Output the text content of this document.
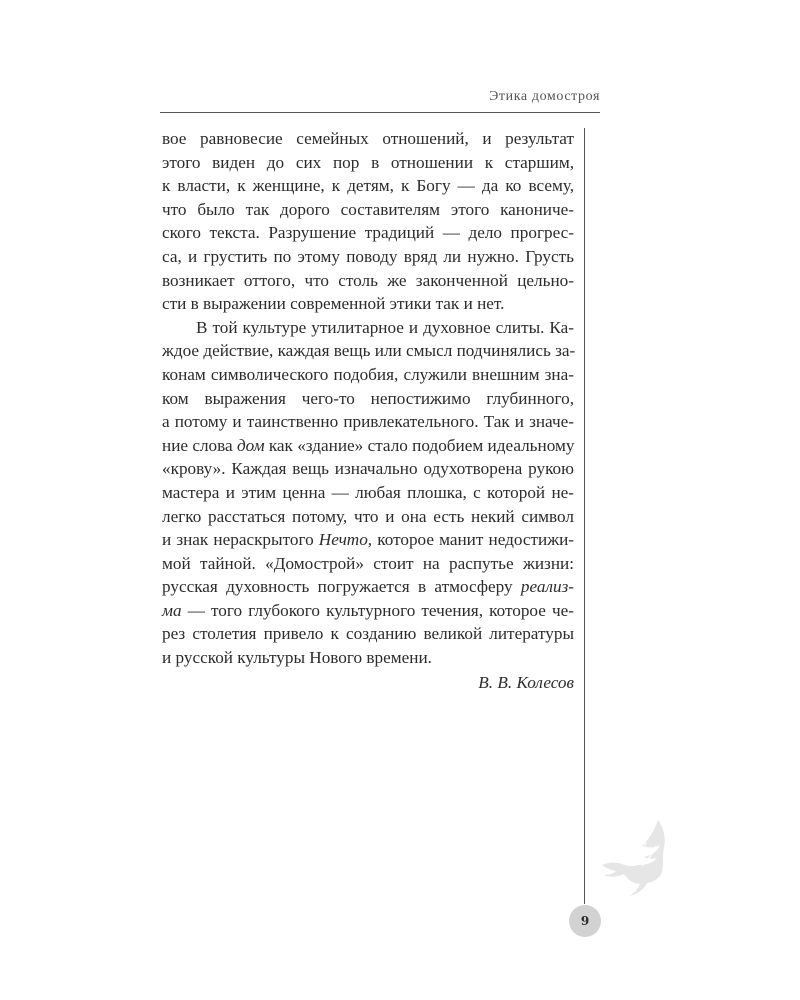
Этика домостроя
вое равновесие семейных отношений, и результат
этого виден до сих пор в отношении к старшим,
к власти, к женщине, к детям, к Богу — да ко всему,
что было так дорого составителям этого канониче-
ского текста. Разрушение традиций — дело прогрес-
са, и грустить по этому поводу вряд ли нужно. Грусть
возникает оттого, что столь же законченной цельно-
сти в выражении современной этики так и нет.
В той культуре утилитарное и духовное слиты. Ка-
ждое действие, каждая вещь или смысл подчинялись за-
конам символического подобия, служили внешним зна-
ком выражения чего-то непостижимо глубинного,
а потому и таинственно привлекательного. Так и значе-
ние слова дом как «здание» стало подобием идеальному
«крову». Каждая вещь изначально одухотворена рукою
мастера и этим ценна — любая плошка, с которой не-
легко расстаться потому, что и она есть некий символ
и знак нераскрытого Нечто, которое манит недостижи-
мой тайной. «Домострой» стоит на распутье жизни:
русская духовность погружается в атмосферу реализ-
ма — того глубокого культурного течения, которое че-
рез столетия привело к созданию великой литературы
и русской культуры Нового времени.
В. В. Колесов
9
